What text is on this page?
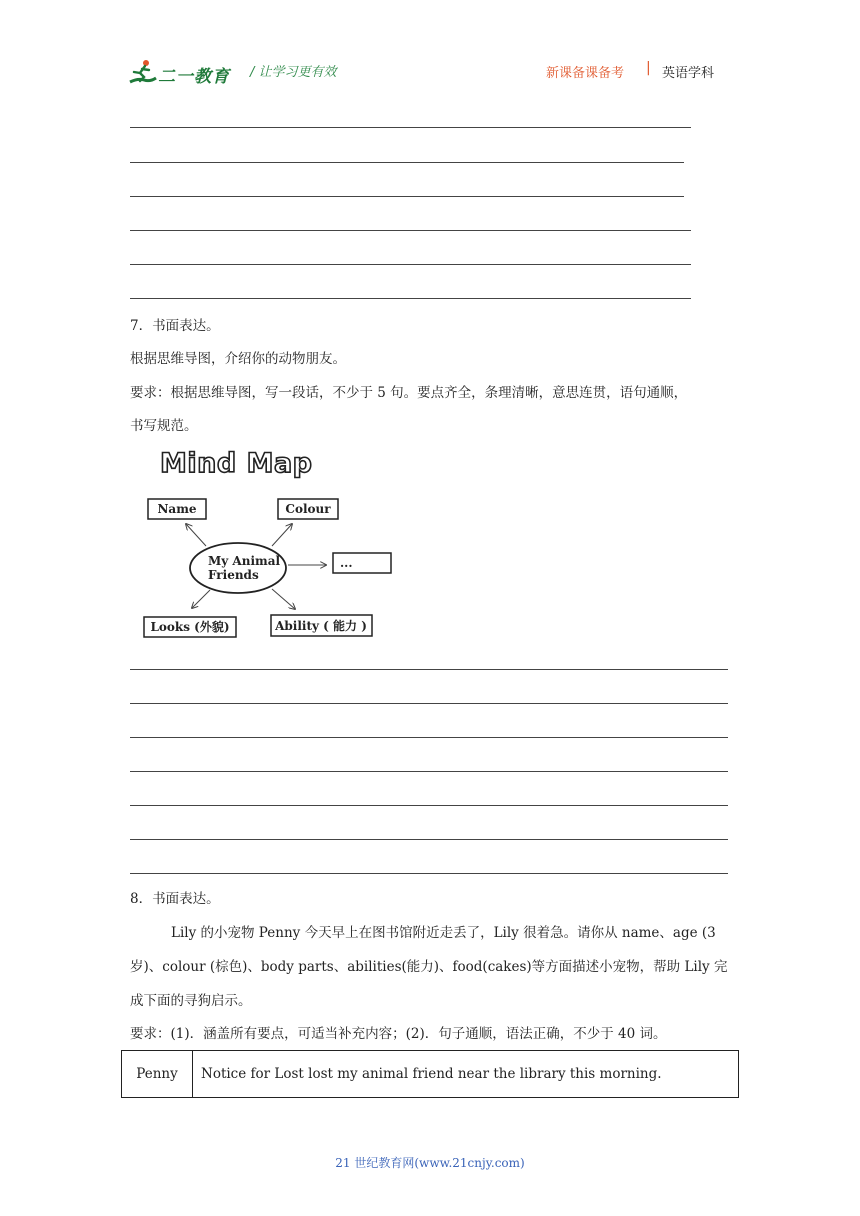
二一教育 / 让学习更有效	新课备课备考 | 英语学科
7．书面表达。
根据思维导图，介绍你的动物朋友。
要求：根据思维导图，写一段话，不少于 5 句。要点齐全，条理清晰，意思连贯，语句通顺，
书写规范。
Mind Map
Name	Colour
My Animal
Friends
...
Looks (外貌)	Ability ( 能力 )
8．书面表达。
Lily 的小宠物 Penny 今天早上在图书馆附近走丢了，Lily 很着急。请你从 name、age (3
岁)、colour (棕色)、body parts、abilities(能力)、food(cakes)等方面描述小宠物，帮助 Lily 完
成下面的寻狗启示。
要求：(1)．涵盖所有要点，可适当补充内容；(2)．句子通顺，语法正确，不少于 40 词。
Penny	Notice for Lost lost my animal friend near the library this morning.
21 世纪教育网(www.21cnjy.com)
